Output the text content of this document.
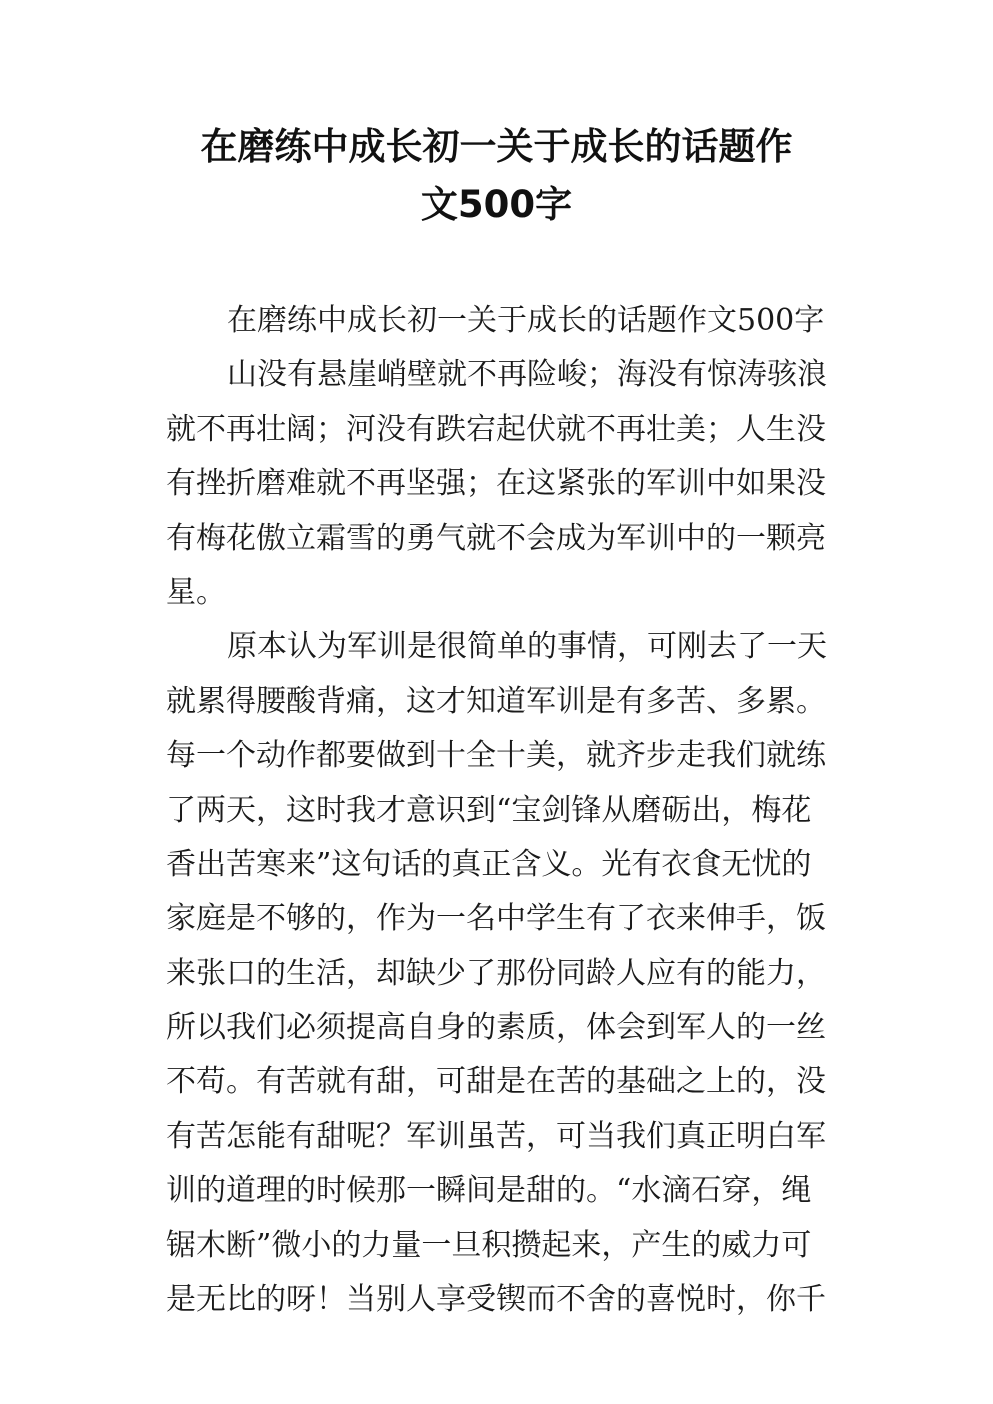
在磨练中成长初一关于成长的话题作
文500字
在磨练中成长初一关于成长的话题作文500字
山没有悬崖峭壁就不再险峻；海没有惊涛骇浪
就不再壮阔；河没有跌宕起伏就不再壮美；人生没
有挫折磨难就不再坚强；在这紧张的军训中如果没
有梅花傲立霜雪的勇气就不会成为军训中的一颗亮
星。
原本认为军训是很简单的事情，可刚去了一天
就累得腰酸背痛，这才知道军训是有多苦、多累。
每一个动作都要做到十全十美，就齐步走我们就练
了两天，这时我才意识到“宝剑锋从磨砺出，梅花
香出苦寒来”这句话的真正含义。光有衣食无忧的
家庭是不够的，作为一名中学生有了衣来伸手，饭
来张口的生活，却缺少了那份同龄人应有的能力，
所以我们必须提高自身的素质，体会到军人的一丝
不苟。有苦就有甜，可甜是在苦的基础之上的，没
有苦怎能有甜呢？军训虽苦，可当我们真正明白军
训的道理的时候那一瞬间是甜的。“水滴石穿，绳
锯木断”微小的力量一旦积攒起来，产生的威力可
是无比的呀！当别人享受锲而不舍的喜悦时，你千
